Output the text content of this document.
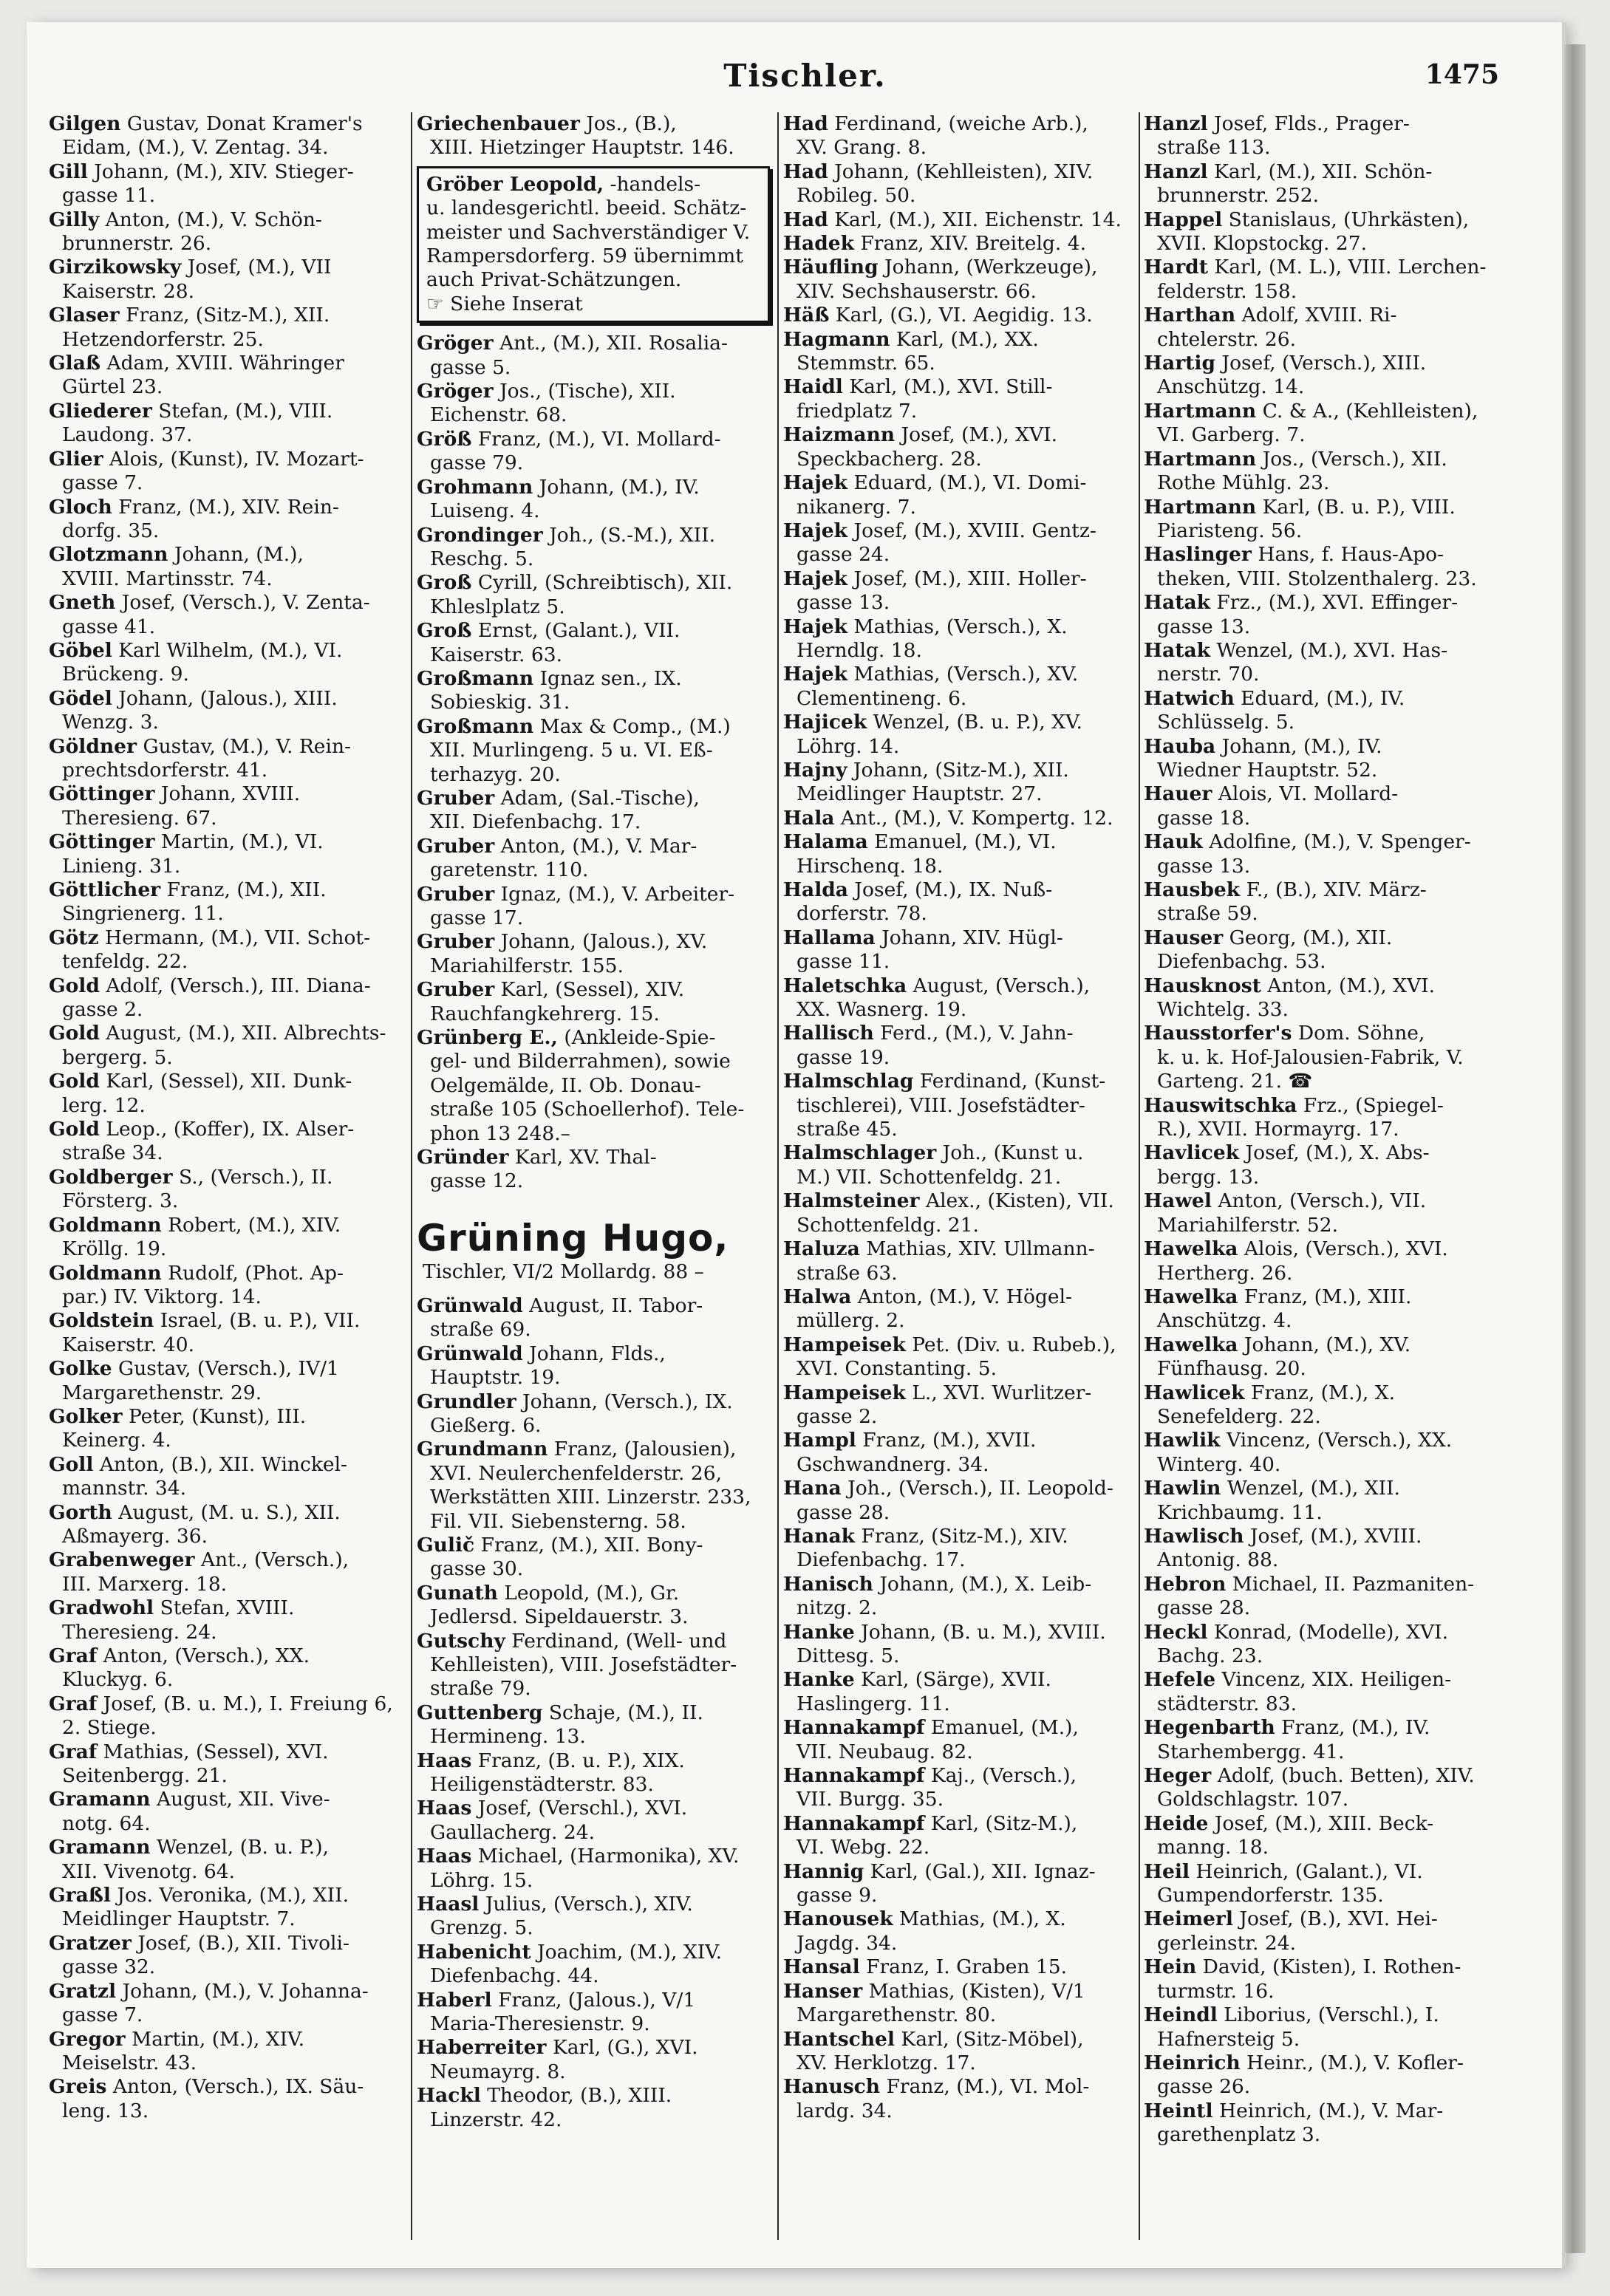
Tischler.	1475
Gilgen Gustav, Donat Kramer's
Eidam, (M.), V. Zentag. 34.
Gill Johann, (M.), XIV. Stieger-
gasse 11.
Gilly Anton, (M.), V. Schön-
brunnerstr. 26.
Girzikowsky Josef, (M.), VII
Kaiserstr. 28.
Glaser Franz, (Sitz-M.), XII.
Hetzendorferstr. 25.
Glaß Adam, XVIII. Währinger
Gürtel 23.
Gliederer Stefan, (M.), VIII.
Laudong. 37.
Glier Alois, (Kunst), IV. Mozart-
gasse 7.
Gloch Franz, (M.), XIV. Rein-
dorfg. 35.
Glotzmann Johann, (M.),
XVIII. Martinsstr. 74.
Gneth Josef, (Versch.), V. Zenta-
gasse 41.
Göbel Karl Wilhelm, (M.), VI.
Brückeng. 9.
Gödel Johann, (Jalous.), XIII.
Wenzg. 3.
Göldner Gustav, (M.), V. Rein-
prechtsdorferstr. 41.
Göttinger Johann, XVIII.
Theresieng. 67.
Göttinger Martin, (M.), VI.
Linieng. 31.
Göttlicher Franz, (M.), XII.
Singrienerg. 11.
Götz Hermann, (M.), VII. Schot-
tenfeldg. 22.
Gold Adolf, (Versch.), III. Diana-
gasse 2.
Gold August, (M.), XII. Albrechts-
bergerg. 5.
Gold Karl, (Sessel), XII. Dunk-
lerg. 12.
Gold Leop., (Koffer), IX. Alser-
straße 34.
Goldberger S., (Versch.), II.
Försterg. 3.
Goldmann Robert, (M.), XIV.
Kröllg. 19.
Goldmann Rudolf, (Phot. Ap-
par.) IV. Viktorg. 14.
Goldstein Israel, (B. u. P.), VII.
Kaiserstr. 40.
Golke Gustav, (Versch.), IV/1
Margarethenstr. 29.
Golker Peter, (Kunst), III.
Keinerg. 4.
Goll Anton, (B.), XII. Winckel-
mannstr. 34.
Gorth August, (M. u. S.), XII.
Aßmayerg. 36.
Grabenweger Ant., (Versch.),
III. Marxerg. 18.
Gradwohl Stefan, XVIII.
Theresieng. 24.
Graf Anton, (Versch.), XX.
Kluckyg. 6.
Graf Josef, (B. u. M.), I. Freiung 6,
2. Stiege.
Graf Mathias, (Sessel), XVI.
Seitenbergg. 21.
Gramann August, XII. Vive-
notg. 64.
Gramann Wenzel, (B. u. P.),
XII. Vivenotg. 64.
Graßl Jos. Veronika, (M.), XII.
Meidlinger Hauptstr. 7.
Gratzer Josef, (B.), XII. Tivoli-
gasse 32.
Gratzl Johann, (M.), V. Johanna-
gasse 7.
Gregor Martin, (M.), XIV.
Meiselstr. 43.
Greis Anton, (Versch.), IX. Säu-
leng. 13.
Griechenbauer Jos., (B.),
XIII. Hietzinger Hauptstr. 146.
Gröber Leopold, -handels-
u. landesgerichtl. beeid. Schätz-
meister und Sachverständiger V.
Rampersdorferg. 59 übernimmt
auch Privat-Schätzungen.
☞ Siehe Inserat
Gröger Ant., (M.), XII. Rosalia-
gasse 5.
Gröger Jos., (Tische), XII.
Eichenstr. 68.
Größ Franz, (M.), VI. Mollard-
gasse 79.
Grohmann Johann, (M.), IV.
Luiseng. 4.
Grondinger Joh., (S.-M.), XII.
Reschg. 5.
Groß Cyrill, (Schreibtisch), XII.
Khleslplatz 5.
Groß Ernst, (Galant.), VII.
Kaiserstr. 63.
Großmann Ignaz sen., IX.
Sobieskig. 31.
Großmann Max & Comp., (M.)
XII. Murlingeng. 5 u. VI. Eß-
terhazyg. 20.
Gruber Adam, (Sal.-Tische),
XII. Diefenbachg. 17.
Gruber Anton, (M.), V. Mar-
garetenstr. 110.
Gruber Ignaz, (M.), V. Arbeiter-
gasse 17.
Gruber Johann, (Jalous.), XV.
Mariahilferstr. 155.
Gruber Karl, (Sessel), XIV.
Rauchfangkehrerg. 15.
Grünberg E., (Ankleide-Spie-
gel- und Bilderrahmen), sowie
Oelgemälde, II. Ob. Donau-
straße 105 (Schoellerhof). Tele-
phon 13 248.–
Gründer Karl, XV. Thal-
gasse 12.
Grüning Hugo,
Tischler, VI/2 Mollardg. 88 –
Grünwald August, II. Tabor-
straße 69.
Grünwald Johann, Flds.,
Hauptstr. 19.
Grundler Johann, (Versch.), IX.
Gießerg. 6.
Grundmann Franz, (Jalousien),
XVI. Neulerchenfelderstr. 26,
Werkstätten XIII. Linzerstr. 233,
Fil. VII. Siebensterng. 58.
Gulič Franz, (M.), XII. Bony-
gasse 30.
Gunath Leopold, (M.), Gr.
Jedlersd. Sipeldauerstr. 3.
Gutschy Ferdinand, (Well- und
Kehlleisten), VIII. Josefstädter-
straße 79.
Guttenberg Schaje, (M.), II.
Hermineng. 13.
Haas Franz, (B. u. P.), XIX.
Heiligenstädterstr. 83.
Haas Josef, (Verschl.), XVI.
Gaullacherg. 24.
Haas Michael, (Harmonika), XV.
Löhrg. 15.
Haasl Julius, (Versch.), XIV.
Grenzg. 5.
Habenicht Joachim, (M.), XIV.
Diefenbachg. 44.
Haberl Franz, (Jalous.), V/1
Maria-Theresienstr. 9.
Haberreiter Karl, (G.), XVI.
Neumayrg. 8.
Hackl Theodor, (B.), XIII.
Linzerstr. 42.
Had Ferdinand, (weiche Arb.),
XV. Grang. 8.
Had Johann, (Kehlleisten), XIV.
Robileg. 50.
Had Karl, (M.), XII. Eichenstr. 14.
Hadek Franz, XIV. Breitelg. 4.
Häufling Johann, (Werkzeuge),
XIV. Sechshauserstr. 66.
Häß Karl, (G.), VI. Aegidig. 13.
Hagmann Karl, (M.), XX.
Stemmstr. 65.
Haidl Karl, (M.), XVI. Still-
friedplatz 7.
Haizmann Josef, (M.), XVI.
Speckbacherg. 28.
Hajek Eduard, (M.), VI. Domi-
nikanerg. 7.
Hajek Josef, (M.), XVIII. Gentz-
gasse 24.
Hajek Josef, (M.), XIII. Holler-
gasse 13.
Hajek Mathias, (Versch.), X.
Herndlg. 18.
Hajek Mathias, (Versch.), XV.
Clementineng. 6.
Hajicek Wenzel, (B. u. P.), XV.
Löhrg. 14.
Hajny Johann, (Sitz-M.), XII.
Meidlinger Hauptstr. 27.
Hala Ant., (M.), V. Kompertg. 12.
Halama Emanuel, (M.), VI.
Hirschenq. 18.
Halda Josef, (M.), IX. Nuß-
dorferstr. 78.
Hallama Johann, XIV. Hügl-
gasse 11.
Haletschka August, (Versch.),
XX. Wasnerg. 19.
Hallisch Ferd., (M.), V. Jahn-
gasse 19.
Halmschlag Ferdinand, (Kunst-
tischlerei), VIII. Josefstädter-
straße 45.
Halmschlager Joh., (Kunst u.
M.) VII. Schottenfeldg. 21.
Halmsteiner Alex., (Kisten), VII.
Schottenfeldg. 21.
Haluza Mathias, XIV. Ullmann-
straße 63.
Halwa Anton, (M.), V. Högel-
müllerg. 2.
Hampeisek Pet. (Div. u. Rubeb.),
XVI. Constanting. 5.
Hampeisek L., XVI. Wurlitzer-
gasse 2.
Hampl Franz, (M.), XVII.
Gschwandnerg. 34.
Hana Joh., (Versch.), II. Leopold-
gasse 28.
Hanak Franz, (Sitz-M.), XIV.
Diefenbachg. 17.
Hanisch Johann, (M.), X. Leib-
nitzg. 2.
Hanke Johann, (B. u. M.), XVIII.
Dittesg. 5.
Hanke Karl, (Särge), XVII.
Haslingerg. 11.
Hannakampf Emanuel, (M.),
VII. Neubaug. 82.
Hannakampf Kaj., (Versch.),
VII. Burgg. 35.
Hannakampf Karl, (Sitz-M.),
VI. Webg. 22.
Hannig Karl, (Gal.), XII. Ignaz-
gasse 9.
Hanousek Mathias, (M.), X.
Jagdg. 34.
Hansal Franz, I. Graben 15.
Hanser Mathias, (Kisten), V/1
Margarethenstr. 80.
Hantschel Karl, (Sitz-Möbel),
XV. Herklotzg. 17.
Hanusch Franz, (M.), VI. Mol-
lardg. 34.
Hanzl Josef, Flds., Prager-
straße 113.
Hanzl Karl, (M.), XII. Schön-
brunnerstr. 252.
Happel Stanislaus, (Uhrkästen),
XVII. Klopstockg. 27.
Hardt Karl, (M. L.), VIII. Lerchen-
felderstr. 158.
Harthan Adolf, XVIII. Ri-
chtelerstr. 26.
Hartig Josef, (Versch.), XIII.
Anschützg. 14.
Hartmann C. & A., (Kehlleisten),
VI. Garberg. 7.
Hartmann Jos., (Versch.), XII.
Rothe Mühlg. 23.
Hartmann Karl, (B. u. P.), VIII.
Piaristeng. 56.
Haslinger Hans, f. Haus-Apo-
theken, VIII. Stolzenthalerg. 23.
Hatak Frz., (M.), XVI. Effinger-
gasse 13.
Hatak Wenzel, (M.), XVI. Has-
nerstr. 70.
Hatwich Eduard, (M.), IV.
Schlüsselg. 5.
Hauba Johann, (M.), IV.
Wiedner Hauptstr. 52.
Hauer Alois, VI. Mollard-
gasse 18.
Hauk Adolfine, (M.), V. Spenger-
gasse 13.
Hausbek F., (B.), XIV. März-
straße 59.
Hauser Georg, (M.), XII.
Diefenbachg. 53.
Hausknost Anton, (M.), XVI.
Wichtelg. 33.
Hausstorfer's Dom. Söhne,
k. u. k. Hof-Jalousien-Fabrik, V.
Garteng. 21. ☎
Hauswitschka Frz., (Spiegel-
R.), XVII. Hormayrg. 17.
Havlicek Josef, (M.), X. Abs-
bergg. 13.
Hawel Anton, (Versch.), VII.
Mariahilferstr. 52.
Hawelka Alois, (Versch.), XVI.
Hertherg. 26.
Hawelka Franz, (M.), XIII.
Anschützg. 4.
Hawelka Johann, (M.), XV.
Fünfhausg. 20.
Hawlicek Franz, (M.), X.
Senefelderg. 22.
Hawlik Vincenz, (Versch.), XX.
Winterg. 40.
Hawlin Wenzel, (M.), XII.
Krichbaumg. 11.
Hawlisch Josef, (M.), XVIII.
Antonig. 88.
Hebron Michael, II. Pazmaniten-
gasse 28.
Heckl Konrad, (Modelle), XVI.
Bachg. 23.
Hefele Vincenz, XIX. Heiligen-
städterstr. 83.
Hegenbarth Franz, (M.), IV.
Starhembergg. 41.
Heger Adolf, (buch. Betten), XIV.
Goldschlagstr. 107.
Heide Josef, (M.), XIII. Beck-
manng. 18.
Heil Heinrich, (Galant.), VI.
Gumpendorferstr. 135.
Heimerl Josef, (B.), XVI. Hei-
gerleinstr. 24.
Hein David, (Kisten), I. Rothen-
turmstr. 16.
Heindl Liborius, (Verschl.), I.
Hafnersteig 5.
Heinrich Heinr., (M.), V. Kofler-
gasse 26.
Heintl Heinrich, (M.), V. Mar-
garethenplatz 3.
